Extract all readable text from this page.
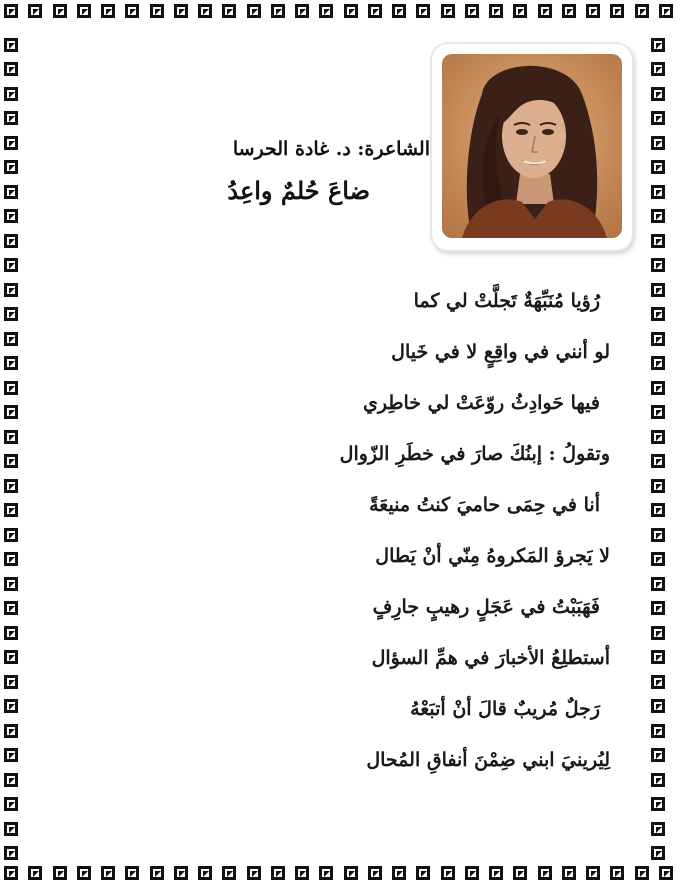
الشاعرة: د. غادة الحرسا
ضاعَ حُلمٌ واعِدُ
رُؤيا مُنَبِّهَةٌ تَجلَّتْ لي كما
لو أنني في واقِعٍ لا في خَيال
فيها حَوادِثُ روّعَتْ لي خاطِري
وتقولُ : إبنُكَ صارَ في خطَرِ الزّوال
أنا في حِمَى حاميَ كنتُ منيعَةً
لا يَجرؤ المَكروهُ مِنّي أنْ يَطال
فَهَبَبْتُ في عَجَلٍ رهيبٍ جارِفٍ
أستطلِعُ الأخبارَ في همِّ السؤال
رَجلٌ مُريبٌ قالَ أنْ أتبَعْهُ
لِيُرينيَ ابني ضِمْنَ أنفاقِ المُحال
